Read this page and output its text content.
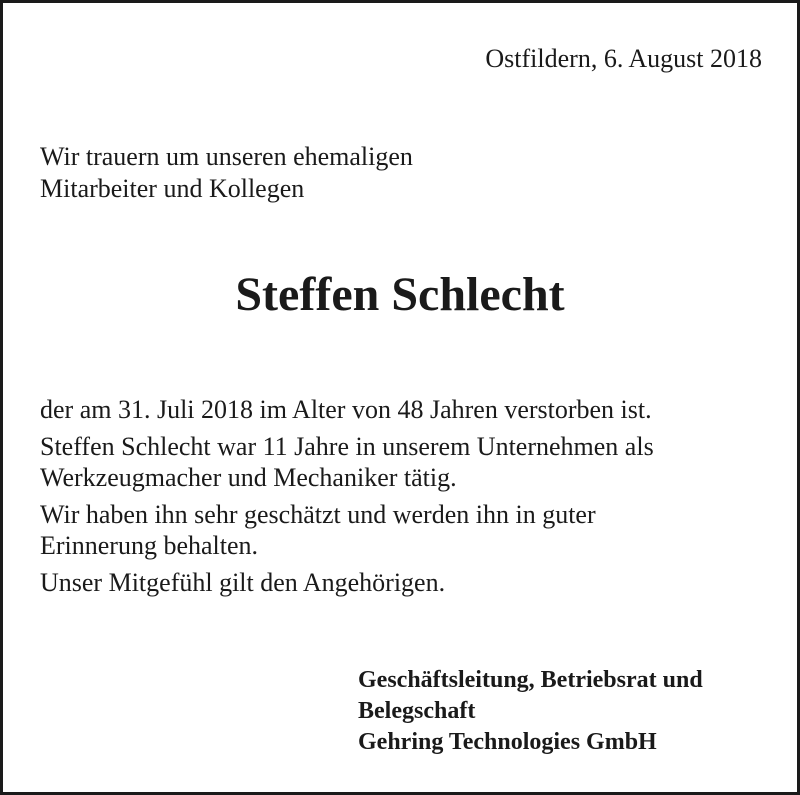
Ostfildern, 6. August 2018
Wir trauern um unseren ehemaligen
Mitarbeiter und Kollegen
Steffen Schlecht

der am 31. Juli 2018 im Alter von 48 Jahren verstorben ist.

Steffen Schlecht war 11 Jahre in unserem Unternehmen als
Werkzeugmacher und Mechaniker tätig.

Wir haben ihn sehr geschätzt und werden ihn in guter
Erinnerung behalten.

Unser Mitgefühl gilt den Angehörigen.

Geschäftsleitung, Betriebsrat und
Belegschaft
Gehring Technologies GmbH
